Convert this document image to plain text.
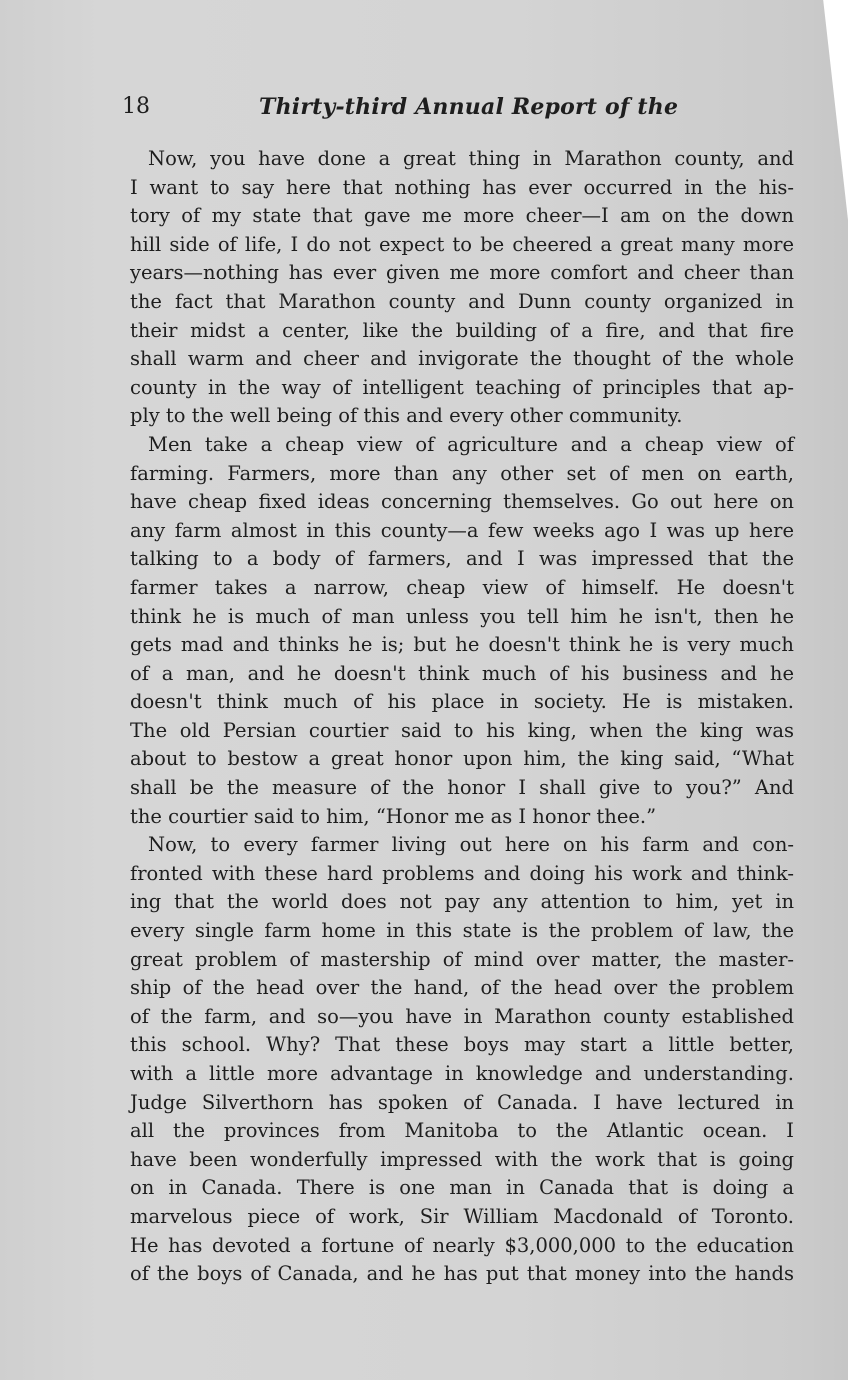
18	Thirty-third Annual Report of the
Now, you have done a great thing in Marathon county, and
I want to say here that nothing has ever occurred in the his-
tory of my state that gave me more cheer—I am on the down
hill side of life, I do not expect to be cheered a great many more
years—nothing has ever given me more comfort and cheer than
the fact that Marathon county and Dunn county organized in
their midst a center, like the building of a fire, and that fire
shall warm and cheer and invigorate the thought of the whole
county in the way of intelligent teaching of principles that ap-
ply to the well being of this and every other community.
Men take a cheap view of agriculture and a cheap view of
farming. Farmers, more than any other set of men on earth,
have cheap fixed ideas concerning themselves. Go out here on
any farm almost in this county—a few weeks ago I was up here
talking to a body of farmers, and I was impressed that the
farmer takes a narrow, cheap view of himself. He doesn't
think he is much of man unless you tell him he isn't, then he
gets mad and thinks he is; but he doesn't think he is very much
of a man, and he doesn't think much of his business and he
doesn't think much of his place in society. He is mistaken.
The old Persian courtier said to his king, when the king was
about to bestow a great honor upon him, the king said, “What
shall be the measure of the honor I shall give to you?” And
the courtier said to him, “Honor me as I honor thee.”
Now, to every farmer living out here on his farm and con-
fronted with these hard problems and doing his work and think-
ing that the world does not pay any attention to him, yet in
every single farm home in this state is the problem of law, the
great problem of mastership of mind over matter, the master-
ship of the head over the hand, of the head over the problem
of the farm, and so—you have in Marathon county established
this school. Why? That these boys may start a little better,
with a little more advantage in knowledge and understanding.
Judge Silverthorn has spoken of Canada. I have lectured in
all the provinces from Manitoba to the Atlantic ocean. I
have been wonderfully impressed with the work that is going
on in Canada. There is one man in Canada that is doing a
marvelous piece of work, Sir William Macdonald of Toronto.
He has devoted a fortune of nearly $3,000,000 to the education
of the boys of Canada, and he has put that money into the hands
